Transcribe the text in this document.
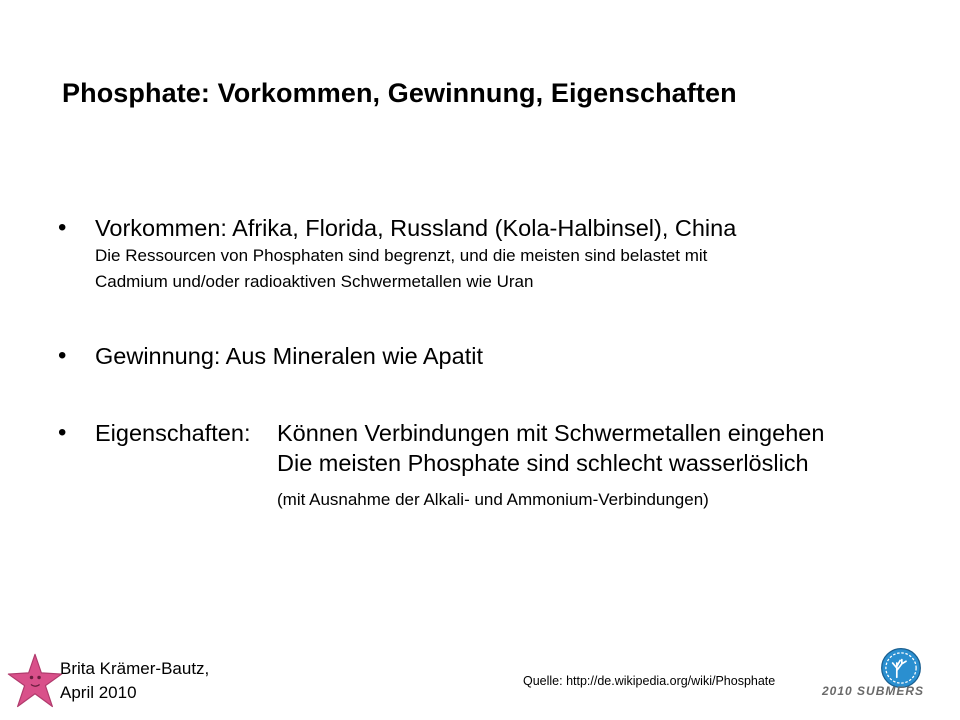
Phosphate: Vorkommen, Gewinnung, Eigenschaften
• Vorkommen: Afrika, Florida, Russland (Kola-Halbinsel), China
Die Ressourcen von Phosphaten sind begrenzt, und die meisten sind belastet mit
Cadmium und/oder radioaktiven Schwermetallen wie Uran
• Gewinnung: Aus Mineralen wie Apatit
• Eigenschaften: Können Verbindungen mit Schwermetallen eingehen
Die meisten Phosphate sind schlecht wasserlöslich
(mit Ausnahme der Alkali- und Ammonium-Verbindungen)
Brita Krämer-Bautz,
April 2010
Quelle: http://de.wikipedia.org/wiki/Phosphate
2010 SUBMERS
